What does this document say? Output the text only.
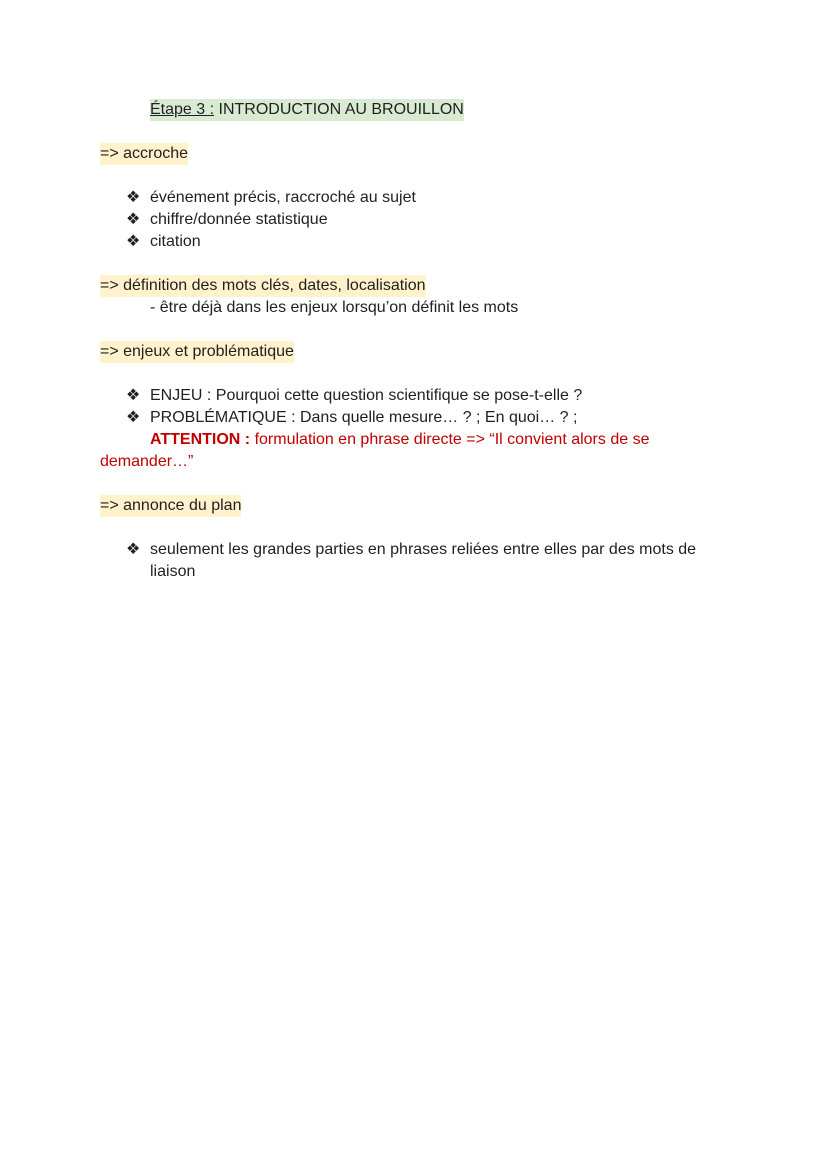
Étape 3 : INTRODUCTION AU BROUILLON
=> accroche
❖ événement précis, raccroché au sujet
❖ chiffre/donnée statistique
❖ citation
=> définition des mots clés, dates, localisation
- être déjà dans les enjeux lorsqu’on définit les mots
=> enjeux et problématique
❖ ENJEU : Pourquoi cette question scientifique se pose-t-elle ?
❖ PROBLÉMATIQUE : Dans quelle mesure… ? ; En quoi… ? ;
ATTENTION : formulation en phrase directe => “Il convient alors de se
demander…”
=> annonce du plan
❖ seulement les grandes parties en phrases reliées entre elles par des mots de
liaison
